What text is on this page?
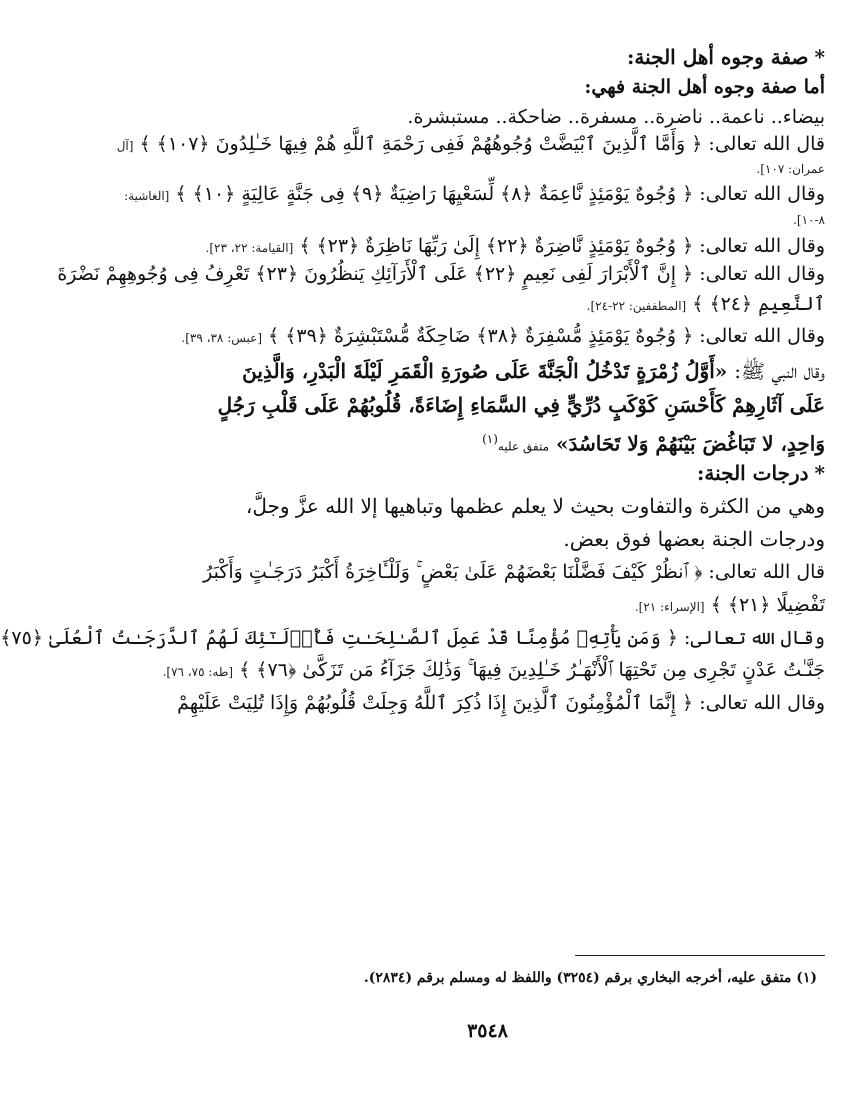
*صفة وجوه أهل الجنة:
أما صفة وجوه أهل الجنة فهي:
بيضاء.. ناعمة.. ناضرة.. مسفرة.. ضاحكة.. مستبشرة.
قال الله تعالى: ﴿ وَأَمَّا ٱلَّذِينَ ٱبْيَضَّتْ وُجُوهُهُمْ فَفِى رَحْمَةِ ٱللَّهِ هُمْ فِيهَا خَـٰلِدُونَ ﴿١٠٧﴾ ﴾ [آل
عمران: ١٠٧].
وقال الله تعالى: ﴿ وُجُوهٌ يَوْمَئِذٍ نَّاعِمَةٌ ﴿٨﴾ لِّسَعْيِهَا رَاضِيَةٌ ﴿٩﴾ فِى جَنَّةٍ عَالِيَةٍ ﴿١٠﴾ ﴾ [الغاشية:
٨-١٠].
وقال الله تعالى: ﴿ وُجُوهٌ يَوْمَئِذٍ نَّاضِرَةٌ ﴿٢٢﴾ إِلَىٰ رَبِّهَا نَاظِرَةٌ ﴿٢٣﴾ ﴾ [القيامة: ٢٢، ٢٣].
وقال الله تعالى: ﴿ إِنَّ ٱلْأَبْرَارَ لَفِى نَعِيمٍ ﴿٢٢﴾ عَلَى ٱلْأَرَآئِكِ يَنظُرُونَ ﴿٢٣﴾ تَعْرِفُ فِى وُجُوهِهِمْ نَضْرَةَ
ٱلنَّعِيمِ ﴿٢٤﴾ ﴾ [المطففين: ٢٢-٢٤].
وقال الله تعالى: ﴿ وُجُوهٌ يَوْمَئِذٍ مُّسْفِرَةٌ ﴿٣٨﴾ ضَاحِكَةٌ مُّسْتَبْشِرَةٌ ﴿٣٩﴾ ﴾ [عبس: ٣٨، ٣٩].
وقال النبي ﷺ: «أَوَّلُ زُمْرَةٍ تَدْخُلُ الْجَنَّةَ عَلَى صُورَةِ الْقَمَرِ لَيْلَةَ الْبَدْرِ، وَالَّذِينَ
عَلَى آثَارِهِمْ كَأَحْسَنِ كَوْكَبٍ دُرِّيٍّ فِي السَّمَاءِ إِضَاءَةً، قُلُوبُهُمْ عَلَى قَلْبِ رَجُلٍ
وَاحِدٍ، لا تَبَاغُضَ بَيْنَهُمْ وَلا تَحَاسُدَ» متفق عليه$^{(١)}$
*درجات الجنة:
وهي من الكثرة والتفاوت بحيث لا يعلم عظمها وتباهيها إلا الله عزَّ وجلَّ،
ودرجات الجنة بعضها فوق بعض.
قال الله تعالى: ﴿ ٱنظُرْ كَيْفَ فَضَّلْنَا بَعْضَهُمْ عَلَىٰ بَعْضٍ ۚ وَلَلْـَٔاخِرَةُ أَكْبَرُ دَرَجَـٰتٍ وَأَكْبَرُ
تَفْضِيلًا ﴿٢١﴾ ﴾ [الإسراء: ٢١].
وقال الله تعالى: ﴿ وَمَن يَأْتِهِۦ مُؤْمِنًا قَدْ عَمِلَ ٱلصَّـٰلِحَـٰتِ فَأُو۟لَـٰٓئِكَ لَهُمُ ٱلدَّرَجَـٰتُ ٱلْعُلَىٰ ﴿٧٥﴾
جَنَّـٰتُ عَدْنٍ تَجْرِى مِن تَحْتِهَا ٱلْأَنْهَـٰرُ خَـٰلِدِينَ فِيهَا ۚ وَذَٰلِكَ جَزَآءُ مَن تَزَكَّىٰ ﴿٧٦﴾ ﴾ [طه: ٧٥، ٧٦].
وقال الله تعالى: ﴿ إِنَّمَا ٱلْمُؤْمِنُونَ ٱلَّذِينَ إِذَا ذُكِرَ ٱللَّهُ وَجِلَتْ قُلُوبُهُمْ وَإِذَا تُلِيَتْ عَلَيْهِمْ
(١) متفق عليه، أخرجه البخاري برقم (٣٢٥٤) واللفظ له ومسلم برقم (٢٨٣٤).
٣٥٤٨
